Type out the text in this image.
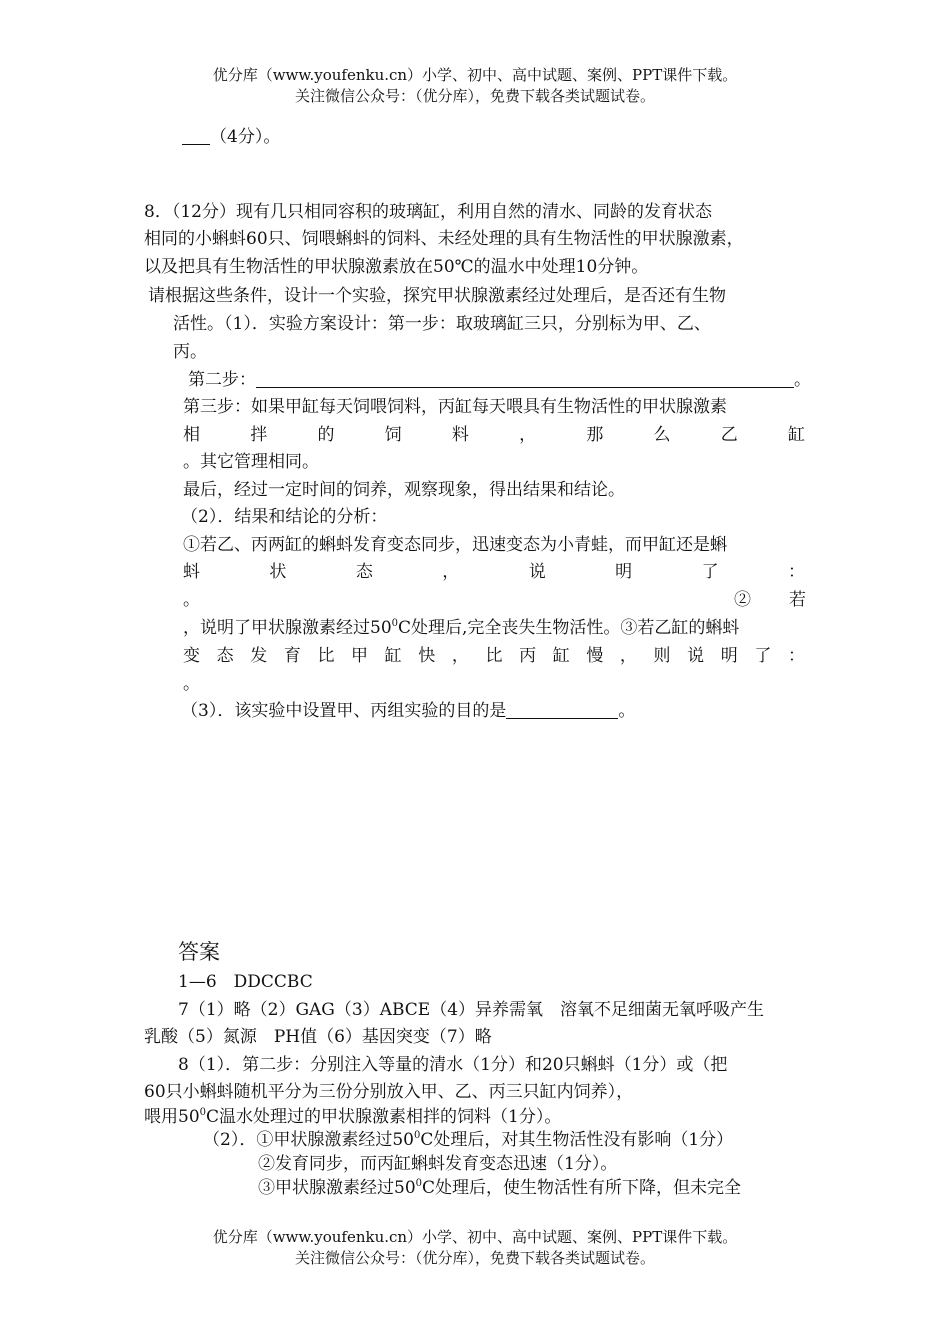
优分库（www.youfenku.cn）小学、初中、高中试题、案例、PPT课件下载。
关注微信公众号：（优分库），免费下载各类试题试卷。
（4分）。
8．（12分）现有几只相同容积的玻璃缸，利用自然的清水、同龄的发育状态
相同的小蝌蚪60只、饲喂蝌蚪的饲料、未经处理的具有生物活性的甲状腺激素，
以及把具有生物活性的甲状腺激素放在50℃的温水中处理10分钟。
请根据这些条件，设计一个实验，探究甲状腺激素经过处理后，是否还有生物
活性。（1）．实验方案设计：第一步：取玻璃缸三只，分别标为甲、乙、
丙。
第二步：	。
第三步：如果甲缸每天饲喂饲料，丙缸每天喂具有生物活性的甲状腺激素
相 拌 的 饲 料 ， 那 么 乙 缸
。其它管理相同。
最后，经过一定时间的饲养，观察现象，得出结果和结论。
（2）．结果和结论的分析：
①若乙、丙两缸的蝌蚪发育变态同步，迅速变态为小青蛙，而甲缸还是蝌
蚪 状 态 ， 说 明 了 ：
。	② 若
，说明了甲状腺激素经过$50^0C$处理后,完全丧失生物活性。③若乙缸的蝌蚪
变 态 发 育 比 甲 缸 快 ， 比 丙 缸 慢 ， 则 说 明 了 ：
。
（3）．该实验中设置甲、丙组实验的目的是	。
答案
1—6　DDCCBC
7（1）略（2）GAG（3）ABCE（4）异养需氧　溶氧不足细菌无氧呼吸产生
乳酸（5）氮源　PH值（6）基因突变（7）略
8（1）．第二步：分别注入等量的清水（1分）和20只蝌蚪（1分）或（把
60只小蝌蚪随机平分为三份分别放入甲、乙、丙三只缸内饲养），
喂用$50^0C$温水处理过的甲状腺激素相拌的饲料（1分）。
（2）．①甲状腺激素经过$50^0C$处理后，对其生物活性没有影响（1分）
②发育同步，而丙缸蝌蚪发育变态迅速（1分）。
③甲状腺激素经过$50^0C$处理后，使生物活性有所下降，但未完全
优分库（www.youfenku.cn）小学、初中、高中试题、案例、PPT课件下载。
关注微信公众号：（优分库），免费下载各类试题试卷。
